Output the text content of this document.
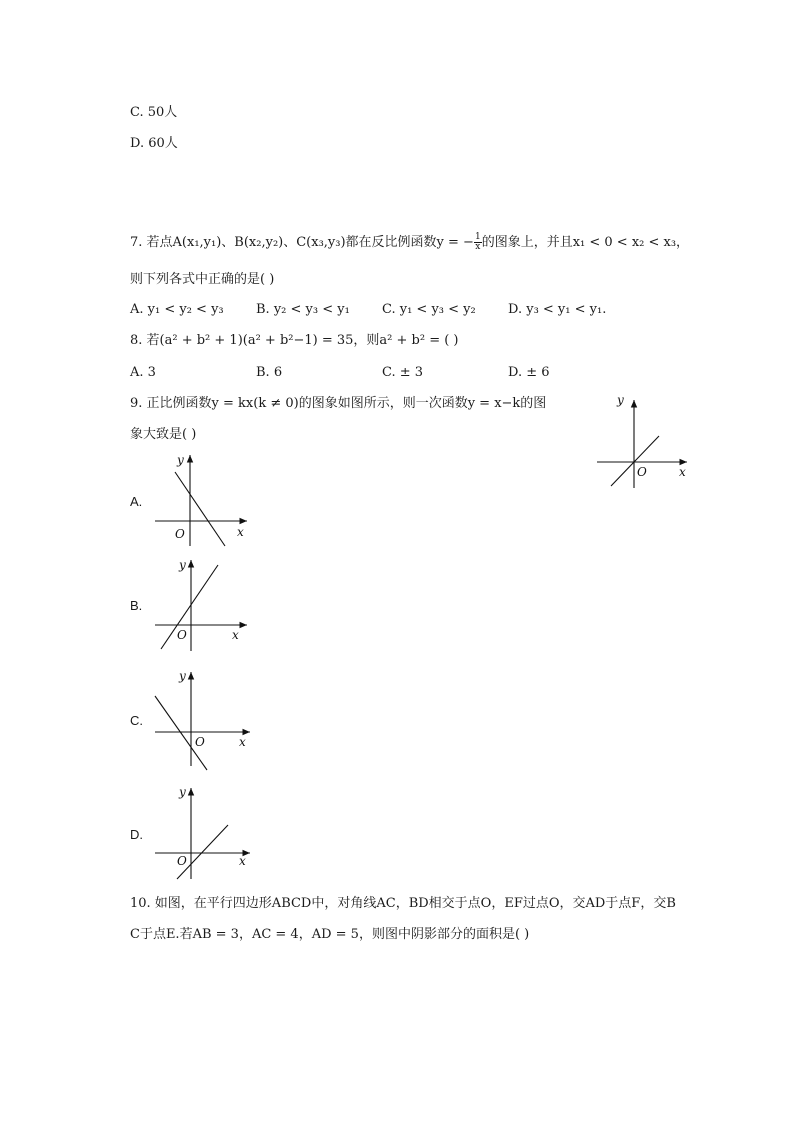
C. 50人
D. 60人
7. 若点A(x₁,y₁)、B(x₂,y₂)、C(x₃,y₃)都在反比例函数y = − $\frac{1}{x}$ 的图象上，并且x₁ < 0 < x₂ < x₃，
则下列各式中正确的是( )
A. y₁ < y₂ < y₃ B. y₂ < y₃ < y₁ C. y₁ < y₃ < y₂ D. y₃ < y₁ < y₁.
8. 若(a² + b² + 1)(a² + b²−1) = 35，则a² + b² = ( )
A. 3	B. 6	C. ± 3	D. ± 6
9. 正比例函数y = kx(k ≠ 0)的图象如图所示，则一次函数y = x−k的图
象大致是( )
y
O	x
A.
y
O	x
B.
y
O	x
C.
y
O	x
D.
y
O	x
10. 如图，在平行四边形ABCD中，对角线AC，BD相交于点O，EF过点O，交AD于点F，交B
C于点E.若AB = 3，AC = 4，AD = 5，则图中阴影部分的面积是( )
